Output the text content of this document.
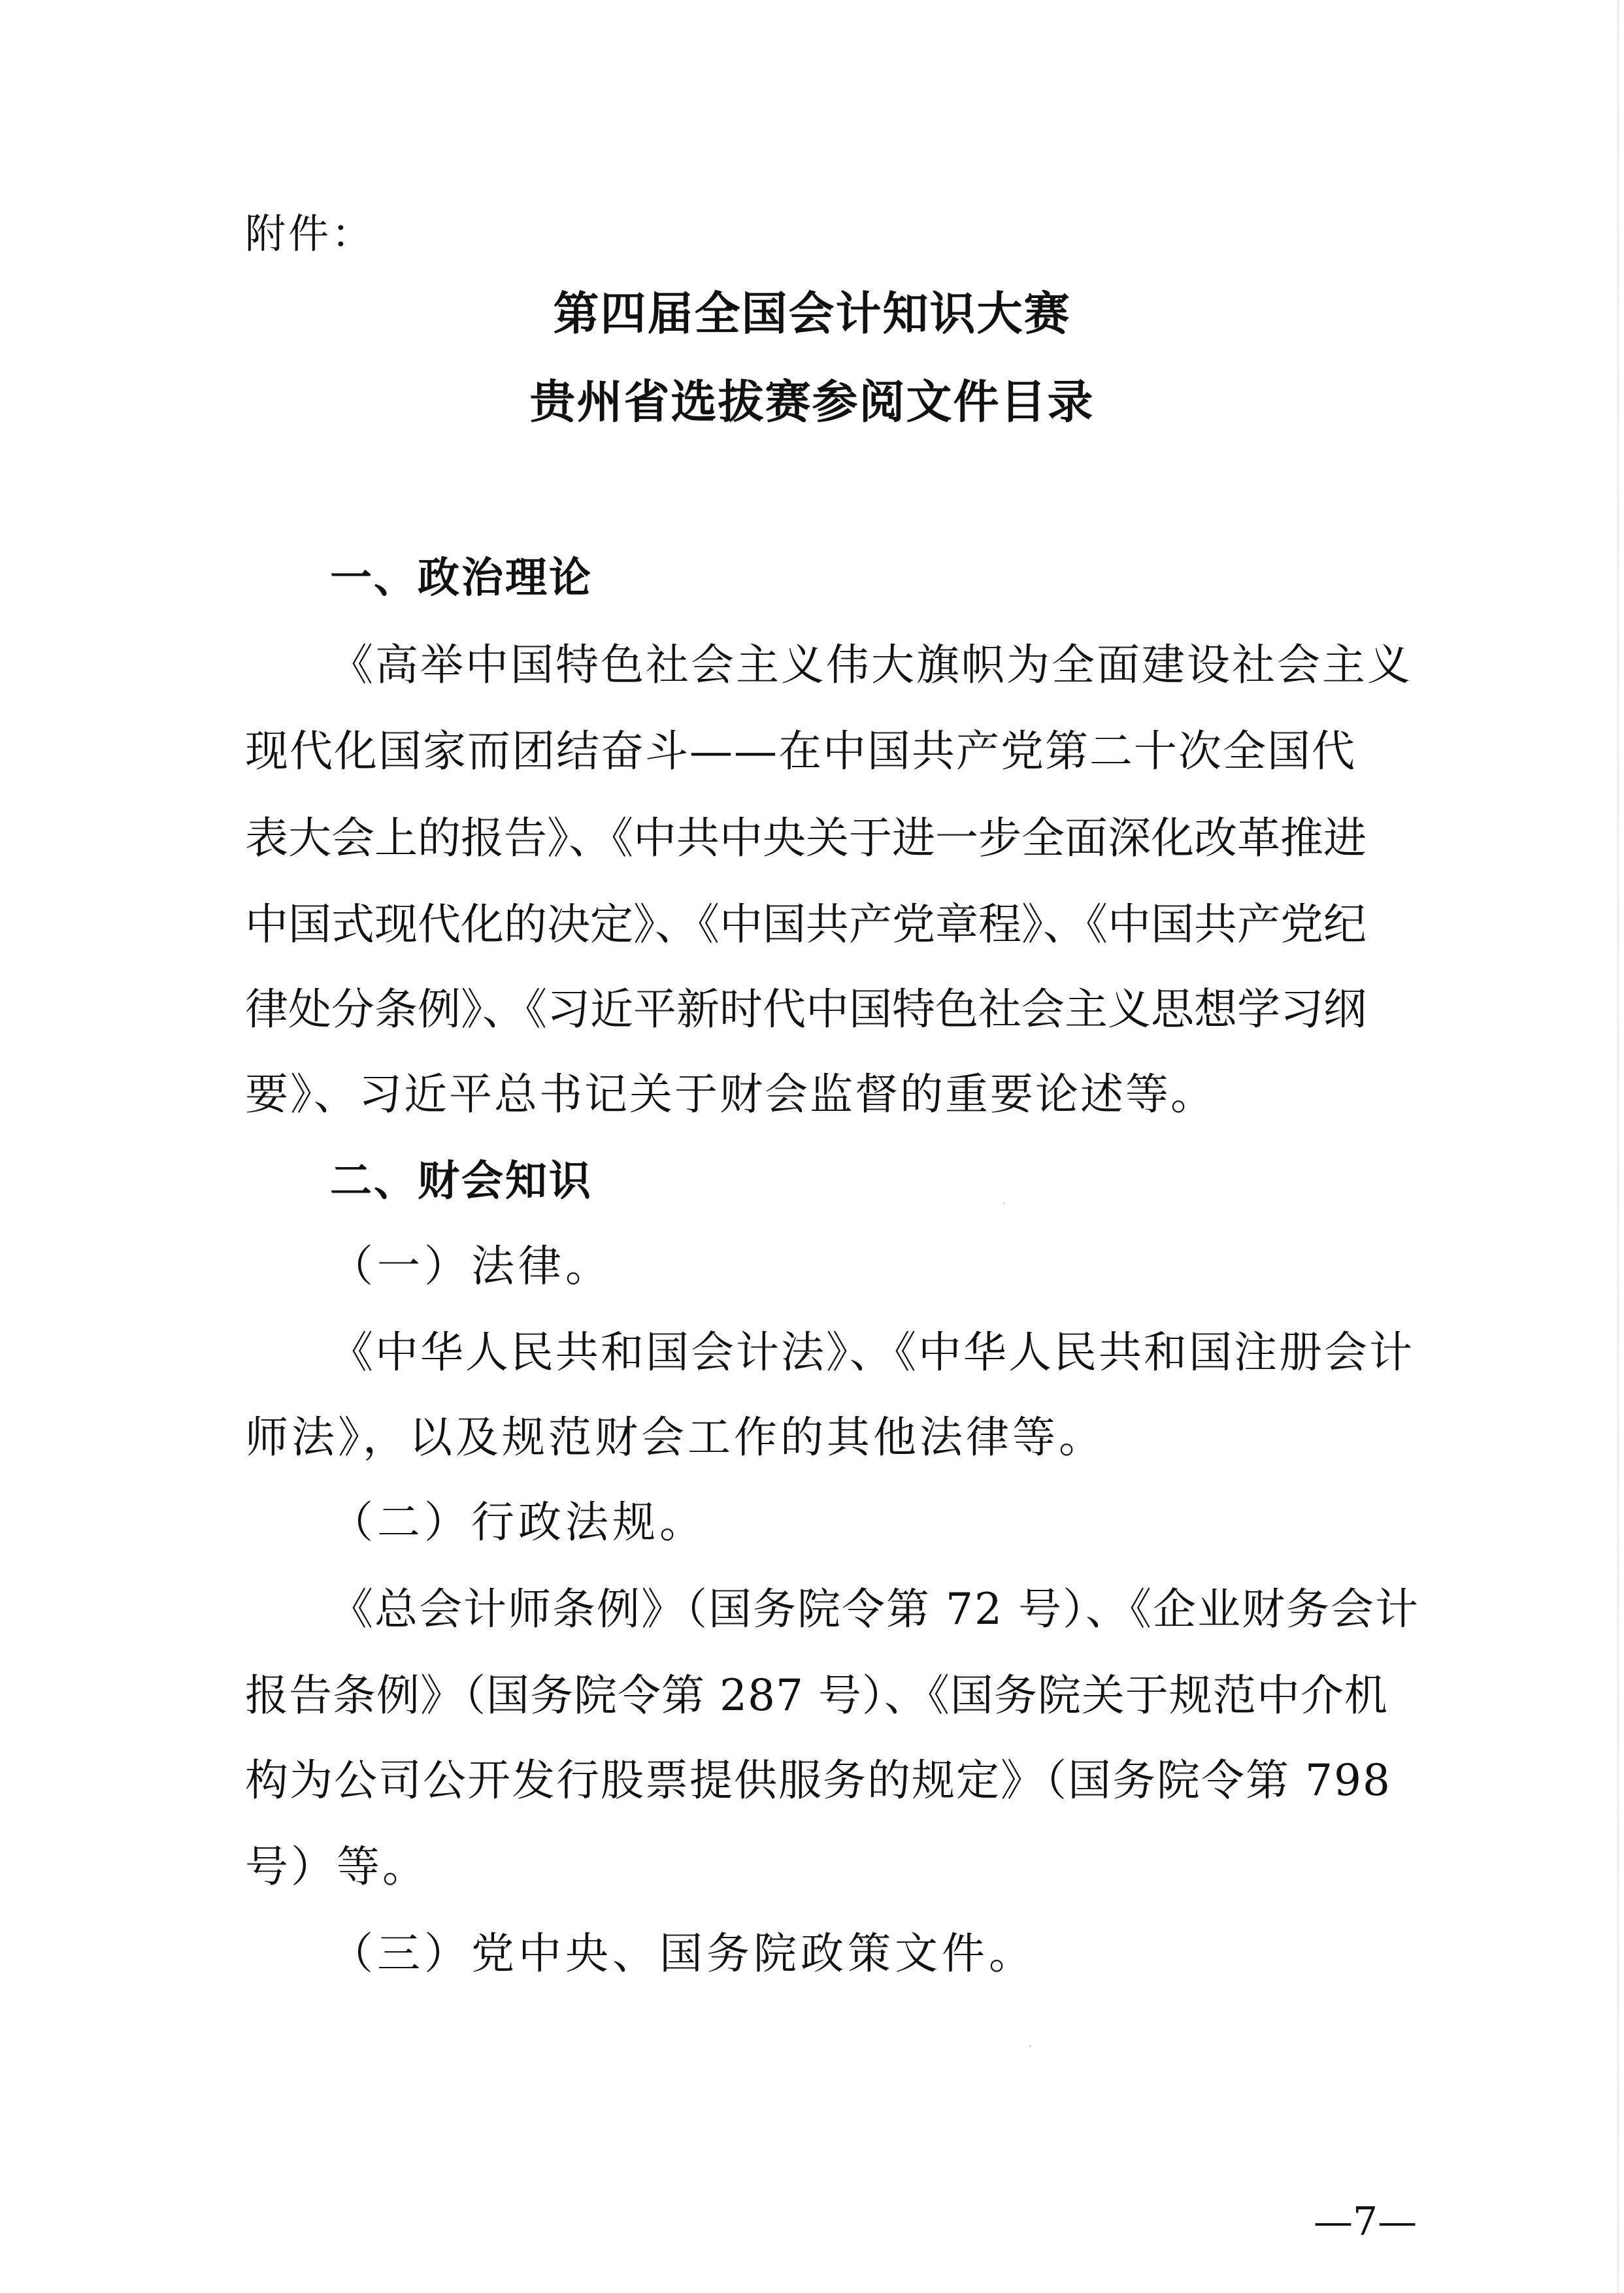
附件：
第四届全国会计知识大赛
贵州省选拔赛参阅文件目录
一、政治理论
《高举中国特色社会主义伟大旗帜为全面建设社会主义
现代化国家而团结奋斗——在中国共产党第二十次全国代
表大会上的报告》、《中共中央关于进一步全面深化改革推进
中国式现代化的决定》、《中国共产党章程》、《中国共产党纪
律处分条例》、《习近平新时代中国特色社会主义思想学习纲
要》、习近平总书记关于财会监督的重要论述等。
二、财会知识
（一）法律。
《中华人民共和国会计法》、《中华人民共和国注册会计
师法》，以及规范财会工作的其他法律等。
（二）行政法规。
《总会计师条例》（国务院令第 72 号）、《企业财务会计
报告条例》（国务院令第 287 号）、《国务院关于规范中介机
构为公司公开发行股票提供服务的规定》（国务院令第 798
号）等。
（三）党中央、国务院政策文件。
—7—
